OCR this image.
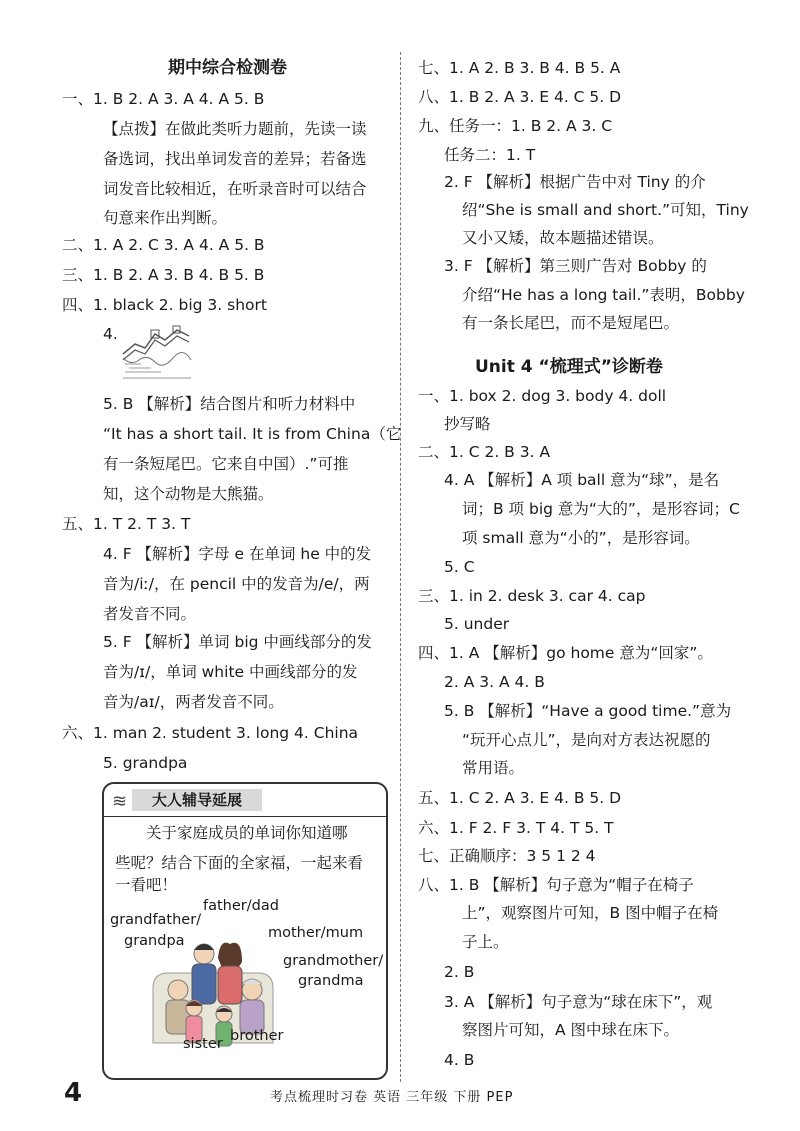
期中综合检测卷
一、1. B 2. A 3. A 4. A 5. B
【点拨】在做此类听力题前，先读一读
备选词，找出单词发音的差异；若备选
词发音比较相近，在听录音时可以结合
句意来作出判断。
二、1. A 2. C 3. A 4. A 5. B
三、1. B 2. A 3. B 4. B 5. B
四、1. black 2. big 3. short
4.
5. B 【解析】结合图片和听力材料中
“It has a short tail. It is from China（它
有一条短尾巴。它来自中国）.”可推
知，这个动物是大熊猫。
五、1. T 2. T 3. T
4. F 【解析】字母 e 在单词 he 中的发
音为/iː/，在 pencil 中的发音为/e/，两
者发音不同。
5. F 【解析】单词 big 中画线部分的发
音为/ɪ/，单词 white 中画线部分的发
音为/aɪ/，两者发音不同。
六、1. man 2. student 3. long 4. China
5. grandpa
≋	大人辅导延展
关于家庭成员的单词你知道哪
些呢？结合下面的全家福，一起来看
一看吧！
father/dad
grandfather/
grandpa	mother/mum
grandmother/
grandma
brother
sister
七、1. A 2. B 3. B 4. B 5. A
八、1. B 2. A 3. E 4. C 5. D
九、任务一：1. B 2. A 3. C
任务二：1. T
2. F 【解析】根据广告中对 Tiny 的介
绍“She is small and short.”可知，Tiny
又小又矮，故本题描述错误。
3. F 【解析】第三则广告对 Bobby 的
介绍“He has a long tail.”表明，Bobby
有一条长尾巴，而不是短尾巴。
Unit 4 “梳理式”诊断卷
一、1. box 2. dog 3. body 4. doll
抄写略
二、1. C 2. B 3. A
4. A 【解析】A 项 ball 意为“球”，是名
词；B 项 big 意为“大的”，是形容词；C
项 small 意为“小的”，是形容词。
5. C
三、1. in 2. desk 3. car 4. cap
5. under
四、1. A 【解析】go home 意为“回家”。
2. A 3. A 4. B
5. B 【解析】“Have a good time.”意为
“玩开心点儿”，是向对方表达祝愿的
常用语。
五、1. C 2. A 3. E 4. B 5. D
六、1. F 2. F 3. T 4. T 5. T
七、正确顺序：3 5 1 2 4
八、1. B 【解析】句子意为“帽子在椅子
上”，观察图片可知，B 图中帽子在椅
子上。
2. B
3. A 【解析】句子意为“球在床下”，观
察图片可知，A 图中球在床下。
4. B
4	考点梳理时习卷 英语 三年级 下册 PEP
